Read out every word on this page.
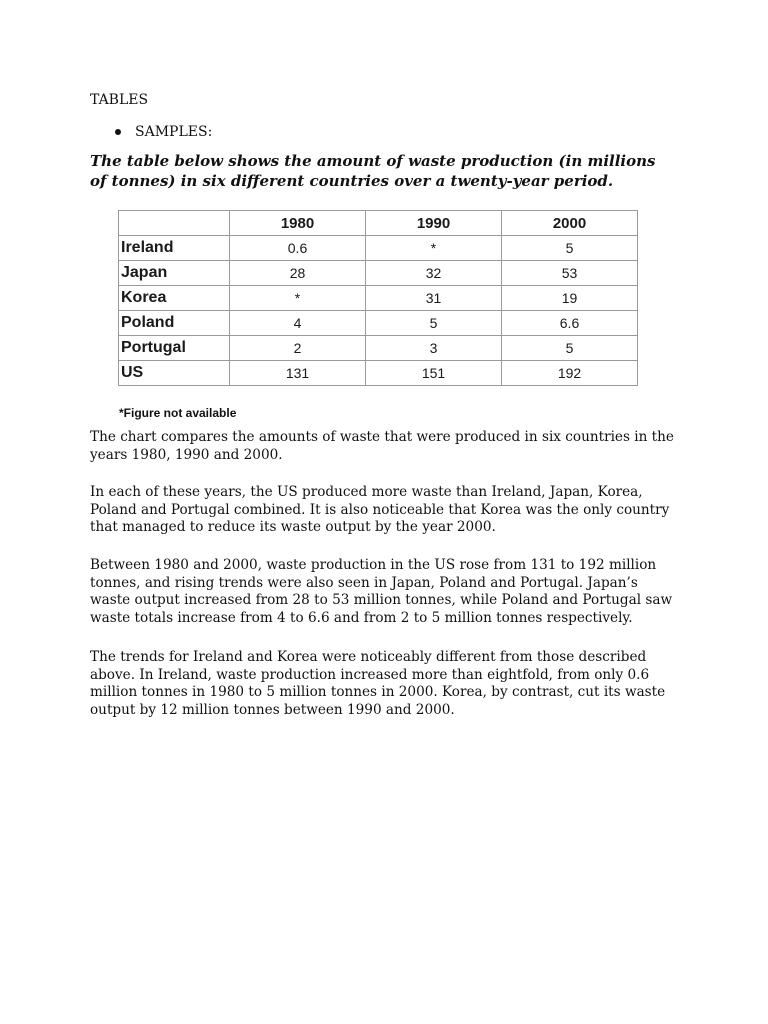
TABLES
SAMPLES:
The table below shows the amount of waste production (in millions of tonnes) in six different countries over a twenty-year period.
	1980	1990	2000
Ireland	0.6	*	5
Japan	28	32	53
Korea	*	31	19
Poland	4	5	6.6
Portugal	2	3	5
US	131	151	192
*Figure not available

The chart compares the amounts of waste that were produced in six countries in the years 1980, 1990 and 2000.

In each of these years, the US produced more waste than Ireland, Japan, Korea, Poland and Portugal combined. It is also noticeable that Korea was the only country that managed to reduce its waste output by the year 2000.

Between 1980 and 2000, waste production in the US rose from 131 to 192 million tonnes, and rising trends were also seen in Japan, Poland and Portugal. Japan’s waste output increased from 28 to 53 million tonnes, while Poland and Portugal saw waste totals increase from 4 to 6.6 and from 2 to 5 million tonnes respectively.

The trends for Ireland and Korea were noticeably different from those described above. In Ireland, waste production increased more than eightfold, from only 0.6 million tonnes in 1980 to 5 million tonnes in 2000. Korea, by contrast, cut its waste output by 12 million tonnes between 1990 and 2000.
